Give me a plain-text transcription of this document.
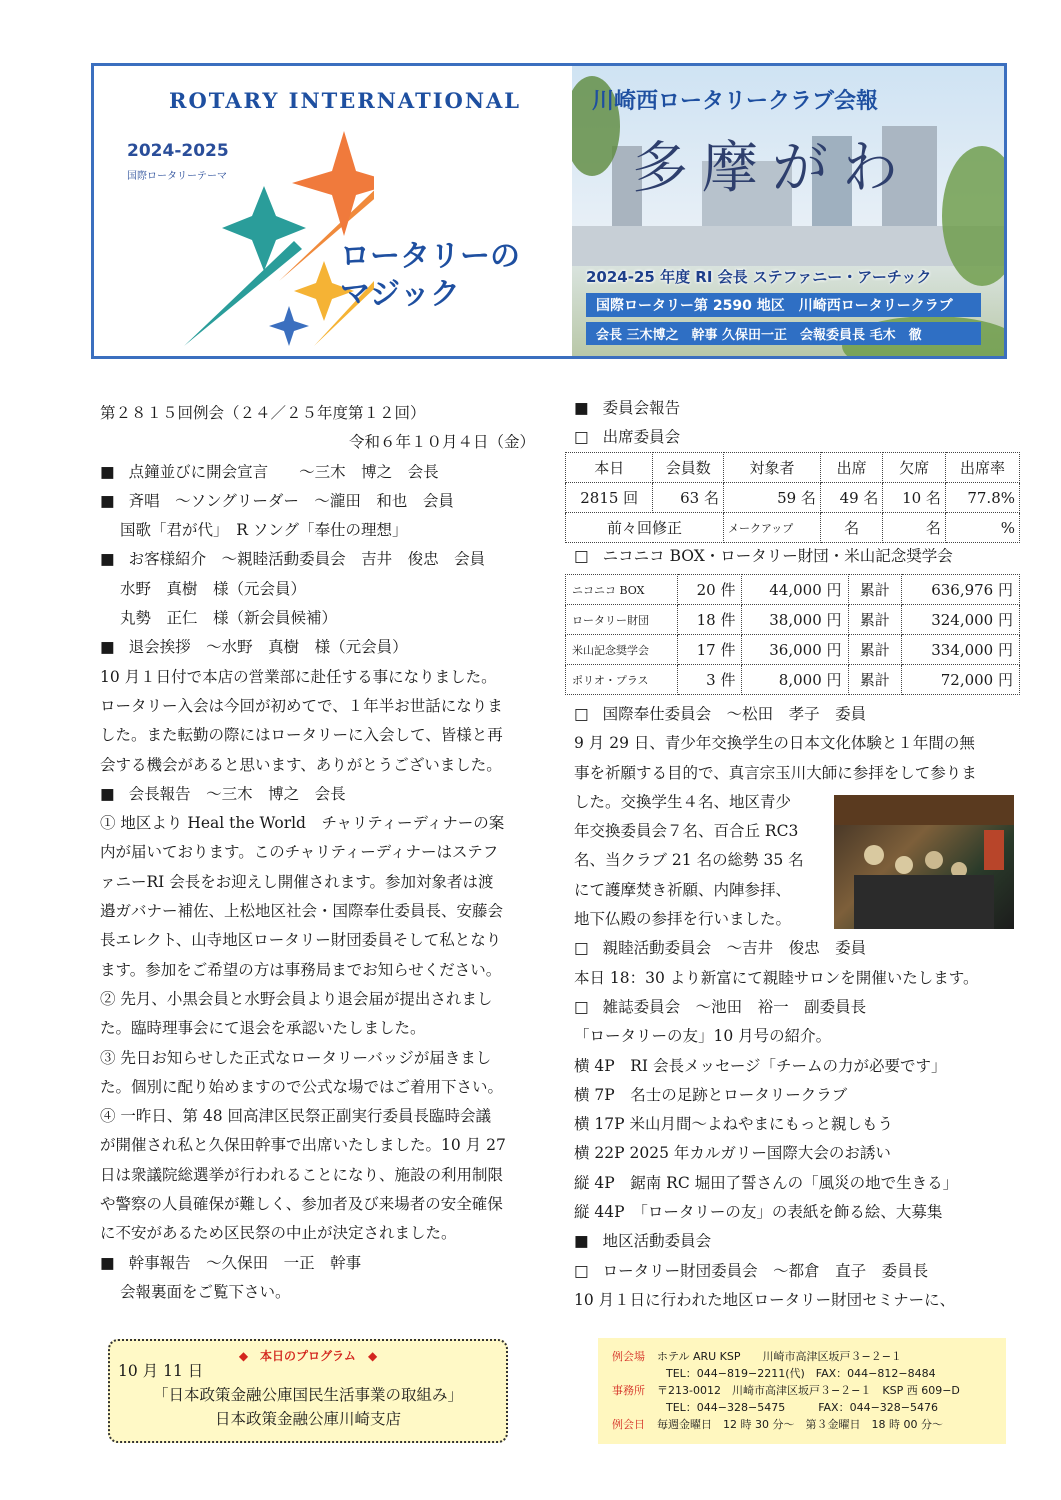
ROTARY INTERNATIONAL
2024-2025
国際ロータリーテーマ
ロータリーの
マジック
川崎西ロータリークラブ会報
多摩がわ
2024-25 年度 RI 会長 ステファニー・アーチック
国際ロータリー第 2590 地区　川崎西ロータリークラブ
会長 三木博之　幹事 久保田一正　会報委員長 毛木　徹
第２８１５回例会（２４／２５年度第１２回）
令和６年１０月４日（金）
■ 点鐘並びに開会宣言　　～三木　博之　会長
■ 斉唱　～ソングリーダー　～瀧田　和也　会員
国歌「君が代」　R ソング「奉仕の理想」
■ お客様紹介　～親睦活動委員会　吉井　俊忠　会員
水野　真樹　様（元会員）
丸勢　正仁　様（新会員候補）
■ 退会挨拶　～水野　真樹　様（元会員）
10 月１日付で本店の営業部に赴任する事になりました。
ロータリー入会は今回が初めてで、１年半お世話になりま
した。また転勤の際にはロータリーに入会して、皆様と再
会する機会があると思います、ありがとうございました。
■ 会長報告　～三木　博之　会長
① 地区より Heal the World　チャリティーディナーの案
内が届いております。このチャリティーディナーはステフ
ァニーRI 会長をお迎えし開催されます。参加対象者は渡
邉ガバナー補佐、上松地区社会・国際奉仕委員長、安藤会
長エレクト、山寺地区ロータリー財団委員そして私となり
ます。参加をご希望の方は事務局までお知らせください。
② 先月、小黒会員と水野会員より退会届が提出されまし
た。臨時理事会にて退会を承認いたしました。
③ 先日お知らせした正式なロータリーバッジが届きまし
た。個別に配り始めますので公式な場ではご着用下さい。
④ 一昨日、第 48 回高津区民祭正副実行委員長臨時会議
が開催され私と久保田幹事で出席いたしました。10 月 27
日は衆議院総選挙が行われることになり、施設の利用制限
や警察の人員確保が難しく、参加者及び来場者の安全確保
に不安があるため区民祭の中止が決定されました。
■ 幹事報告　～久保田　一正　幹事
会報裏面をご覧下さい。
■ 委員会報告
□ 出席委員会
本日	会員数	対象者	出席	欠席	出席率
2815 回	63 名	59 名	49 名	10 名	77.8%
前々回修正		メークアップ	名	名	%
□ ニコニコ BOX・ロータリー財団・米山記念奨学会
ニコニコ BOX	20 件	44,000 円	累計	636,976 円
ロータリー財団	18 件	38,000 円	累計	324,000 円
米山記念奨学会	17 件	36,000 円	累計	334,000 円
ポリオ・プラス	3 件	8,000 円	累計	72,000 円
□ 国際奉仕委員会　～松田　孝子　委員
9 月 29 日、青少年交換学生の日本文化体験と１年間の無
事を祈願する目的で、真言宗玉川大師に参拝をして参りま
した。交換学生４名、地区青少
年交換委員会７名、百合丘 RC3
名、当クラブ 21 名の総勢 35 名
にて護摩焚き祈願、内陣参拝、
地下仏殿の参拝を行いました。
□ 親睦活動委員会　～吉井　俊忠　委員
本日 18：30 より新富にて親睦サロンを開催いたします。
□ 雑誌委員会　～池田　裕一　副委員長
「ロータリーの友」10 月号の紹介。
横 4P　RI 会長メッセージ「チームの力が必要です」
横 7P　名士の足跡とロータリークラブ
横 17P 米山月間～よねやまにもっと親しもう
横 22P 2025 年カルガリー国際大会のお誘い
縦 4P　鋸南 RC 堀田了誓さんの「風災の地で生きる」
縦 44P　「ロータリーの友」の表紙を飾る絵、大募集
■ 地区活動委員会
□ ロータリー財団委員会　～都倉　直子　委員長
10 月１日に行われた地区ロータリー財団セミナーに、
◆　本日のプログラム　◆
10 月 11 日
「日本政策金融公庫国民生活事業の取組み」
日本政策金融公庫川崎支店
例会場 ホテル ARU KSP　　川崎市高津区坂戸３−２−１
TEL：044−819−2211(代)　FAX：044−812−8484
事務所 〒213-0012　川崎市高津区坂戸３−２−１　KSP 西 609−D
TEL：044−328−5475　　　FAX：044−328−5476
例会日 毎週金曜日　12 時 30 分〜　第３金曜日　18 時 00 分〜
